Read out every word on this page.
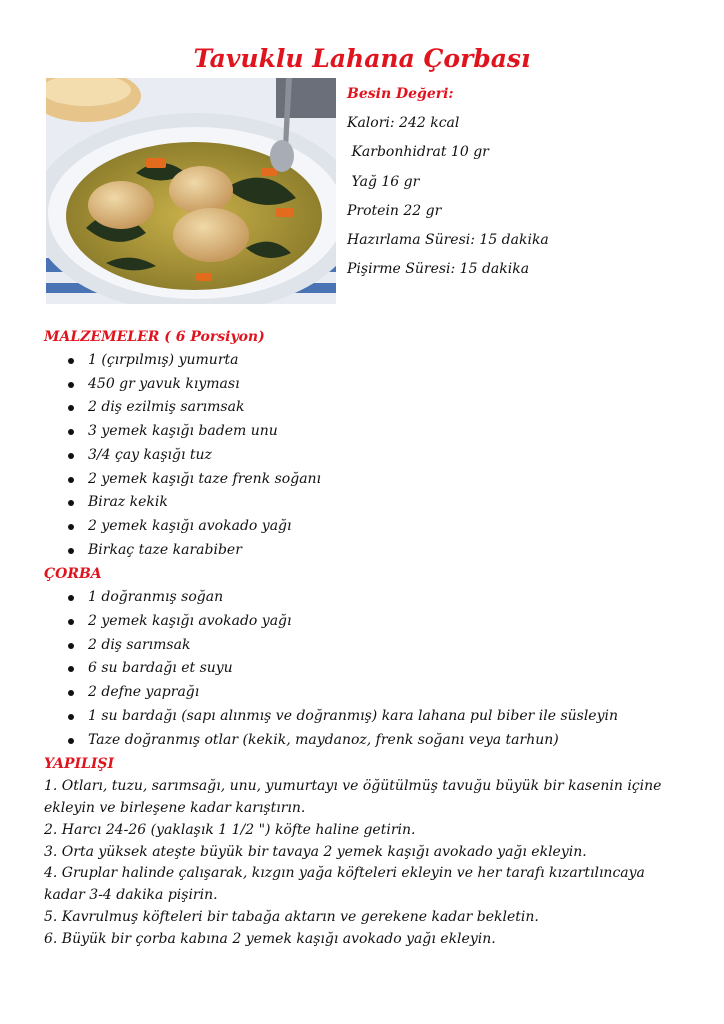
Tavuklu Lahana Çorbası
Besin Değeri:
Kalori: 242 kcal
Karbonhidrat 10 gr
Yağ 16 gr
Protein 22 gr
Hazırlama Süresi: 15 dakika
Pişirme Süresi: 15 dakika
MALZEMELER ( 6 Porsiyon)
1 (çırpılmış) yumurta
450 gr yavuk kıyması
2 diş ezilmiş sarımsak
3 yemek kaşığı badem unu
3/4 çay kaşığı tuz
2 yemek kaşığı taze frenk soğanı
Biraz kekik
2 yemek kaşığı avokado yağı
Birkaç taze karabiber
ÇORBA
1 doğranmış soğan
2 yemek kaşığı avokado yağı
2 diş sarımsak
6 su bardağı et suyu
2 defne yaprağı
1 su bardağı (sapı alınmış ve doğranmış) kara lahana pul biber ile süsleyin
Taze doğranmış otlar (kekik, maydanoz, frenk soğanı veya tarhun)
YAPILIŞI

1. Otları, tuzu, sarımsağı, unu, yumurtayı ve öğütülmüş tavuğu büyük bir kasenin içine ekleyin ve birleşene kadar karıştırın.

2. Harcı 24-26 (yaklaşık 1 1/2 ") köfte haline getirin.

3. Orta yüksek ateşte büyük bir tavaya 2 yemek kaşığı avokado yağı ekleyin.

4. Gruplar halinde çalışarak, kızgın yağa köfteleri ekleyin ve her tarafı kızartılıncaya kadar 3-4 dakika pişirin.

5. Kavrulmuş köfteleri bir tabağa aktarın ve gerekene kadar bekletin.

6. Büyük bir çorba kabına 2 yemek kaşığı avokado yağı ekleyin.
